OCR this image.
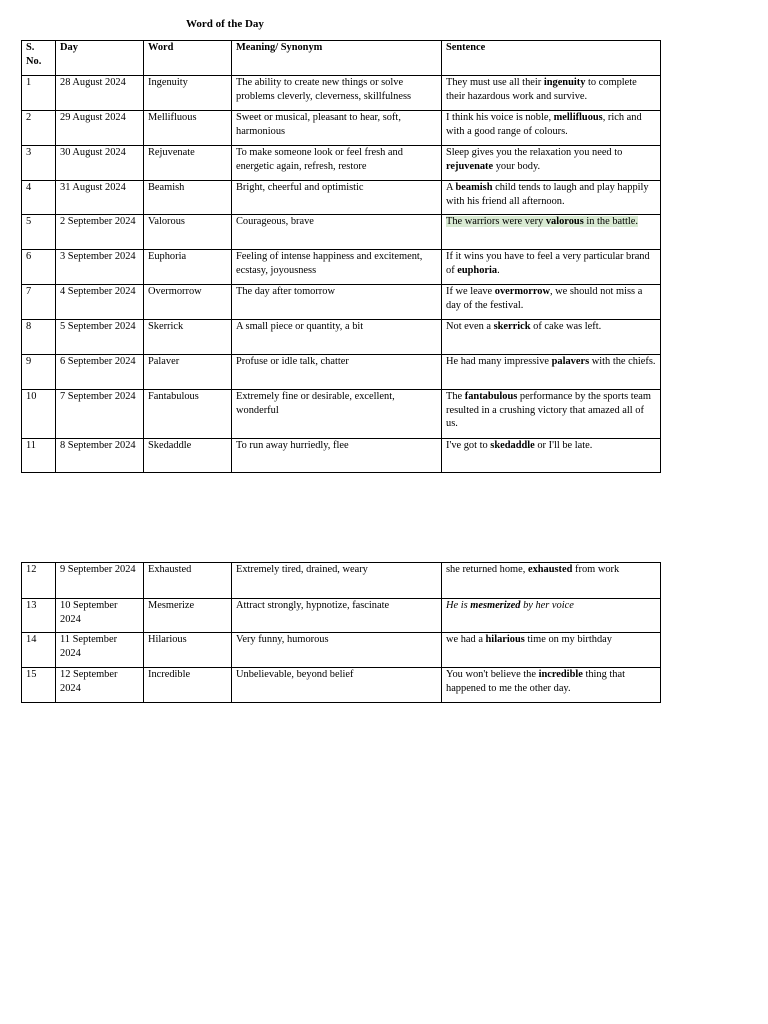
Word of the Day
S. No.	Day	Word	Meaning/ Synonym	Sentence
1	28 August 2024	Ingenuity	The ability to create new things or solve problems cleverly, cleverness, skillfulness	They must use all their ingenuity to complete their hazardous work and survive.
2	29 August 2024	Mellifluous	Sweet or musical, pleasant to hear, soft, harmonious	I think his voice is noble, mellifluous, rich and with a good range of colours.
3	30 August 2024	Rejuvenate	To make someone look or feel fresh and energetic again, refresh, restore	Sleep gives you the relaxation you need to rejuvenate your body.
4	31 August 2024	Beamish	Bright, cheerful and optimistic	A beamish child tends to laugh and play happily with his friend all afternoon.
5	2 September 2024	Valorous	Courageous, brave	The warriors were very valorous in the battle.
6	3 September 2024	Euphoria	Feeling of intense happiness and excitement, ecstasy, joyousness	If it wins you have to feel a very particular brand of euphoria.
7	4 September 2024	Overmorrow	The day after tomorrow	If we leave overmorrow, we should not miss a day of the festival.
8	5 September 2024	Skerrick	A small piece or quantity, a bit	Not even a skerrick of cake was left.
9	6 September 2024	Palaver	Profuse or idle talk, chatter	He had many impressive palavers with the chiefs.
10	7 September 2024	Fantabulous	Extremely fine or desirable, excellent, wonderful	The fantabulous performance by the sports team resulted in a crushing victory that amazed all of us.
11	8 September 2024	Skedaddle	To run away hurriedly, flee	I've got to skedaddle or I'll be late.
12	9 September 2024	Exhausted	Extremely tired, drained, weary	she returned home, exhausted from work
13	10 September 2024	Mesmerize	Attract strongly, hypnotize, fascinate	He is mesmerized by her voice
14	11 September 2024	Hilarious	Very funny, humorous	we had a hilarious time on my birthday
15	12 September 2024	Incredible	Unbelievable, beyond belief	You won't believe the incredible thing that happened to me the other day.
